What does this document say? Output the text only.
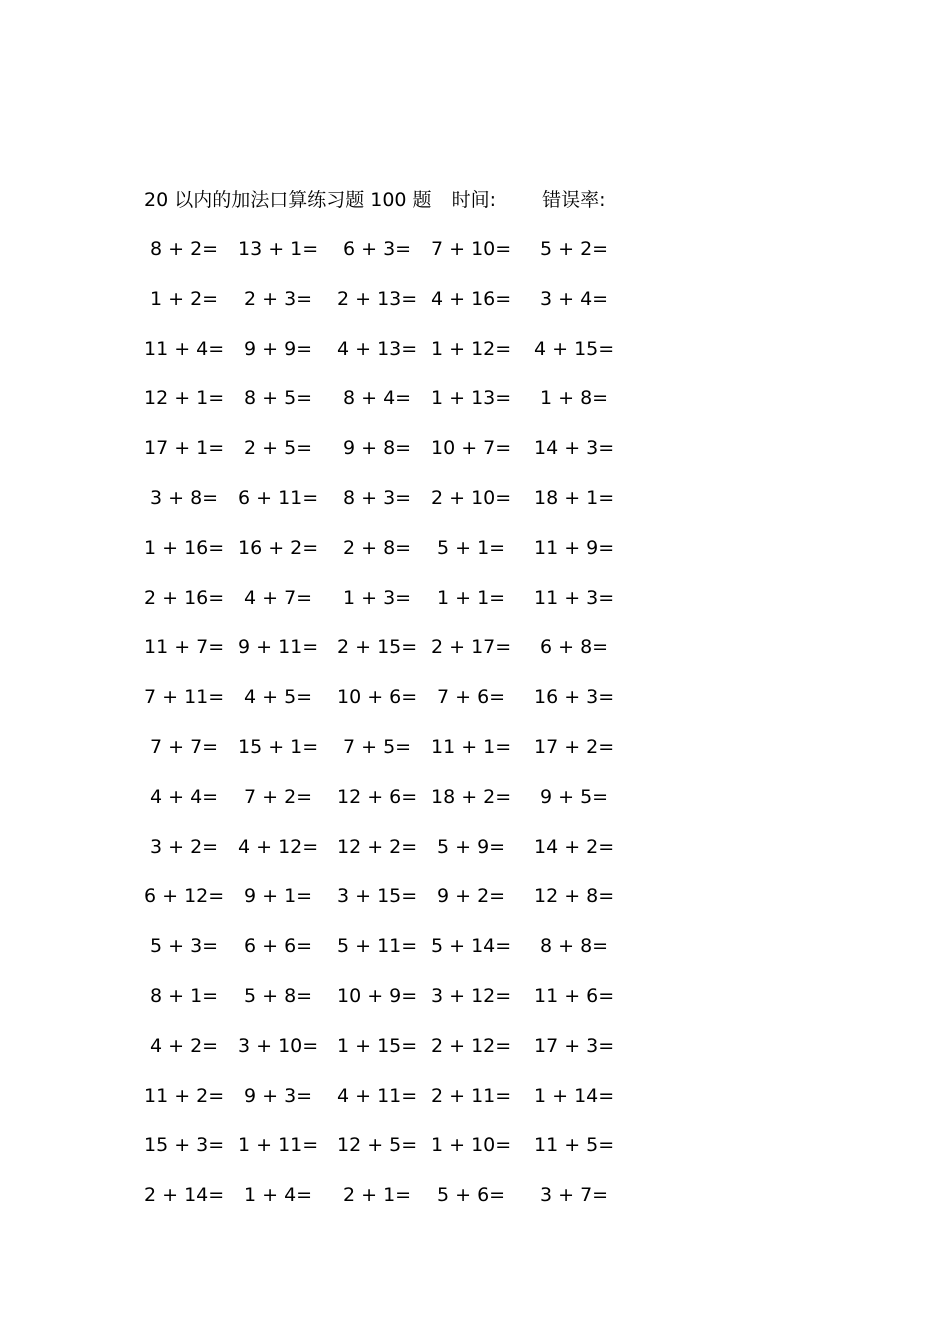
20 以内的加法口算练习题 100 题 时间: 错误率:
8 + 2= 13 + 1= 6 + 3= 7 + 10= 5 + 2=
1 + 2= 2 + 3= 2 + 13= 4 + 16= 3 + 4=
11 + 4= 9 + 9= 4 + 13= 1 + 12= 4 + 15=
12 + 1= 8 + 5= 8 + 4= 1 + 13= 1 + 8=
17 + 1= 2 + 5= 9 + 8= 10 + 7= 14 + 3=
3 + 8= 6 + 11= 8 + 3= 2 + 10= 18 + 1=
1 + 16= 16 + 2= 2 + 8= 5 + 1= 11 + 9=
2 + 16= 4 + 7= 1 + 3= 1 + 1= 11 + 3=
11 + 7= 9 + 11= 2 + 15= 2 + 17= 6 + 8=
7 + 11= 4 + 5= 10 + 6= 7 + 6= 16 + 3=
7 + 7= 15 + 1= 7 + 5= 11 + 1= 17 + 2=
4 + 4= 7 + 2= 12 + 6= 18 + 2= 9 + 5=
3 + 2= 4 + 12= 12 + 2= 5 + 9= 14 + 2=
6 + 12= 9 + 1= 3 + 15= 9 + 2= 12 + 8=
5 + 3= 6 + 6= 5 + 11= 5 + 14= 8 + 8=
8 + 1= 5 + 8= 10 + 9= 3 + 12= 11 + 6=
4 + 2= 3 + 10= 1 + 15= 2 + 12= 17 + 3=
11 + 2= 9 + 3= 4 + 11= 2 + 11= 1 + 14=
15 + 3= 1 + 11= 12 + 5= 1 + 10= 11 + 5=
2 + 14= 1 + 4= 2 + 1= 5 + 6= 3 + 7=
